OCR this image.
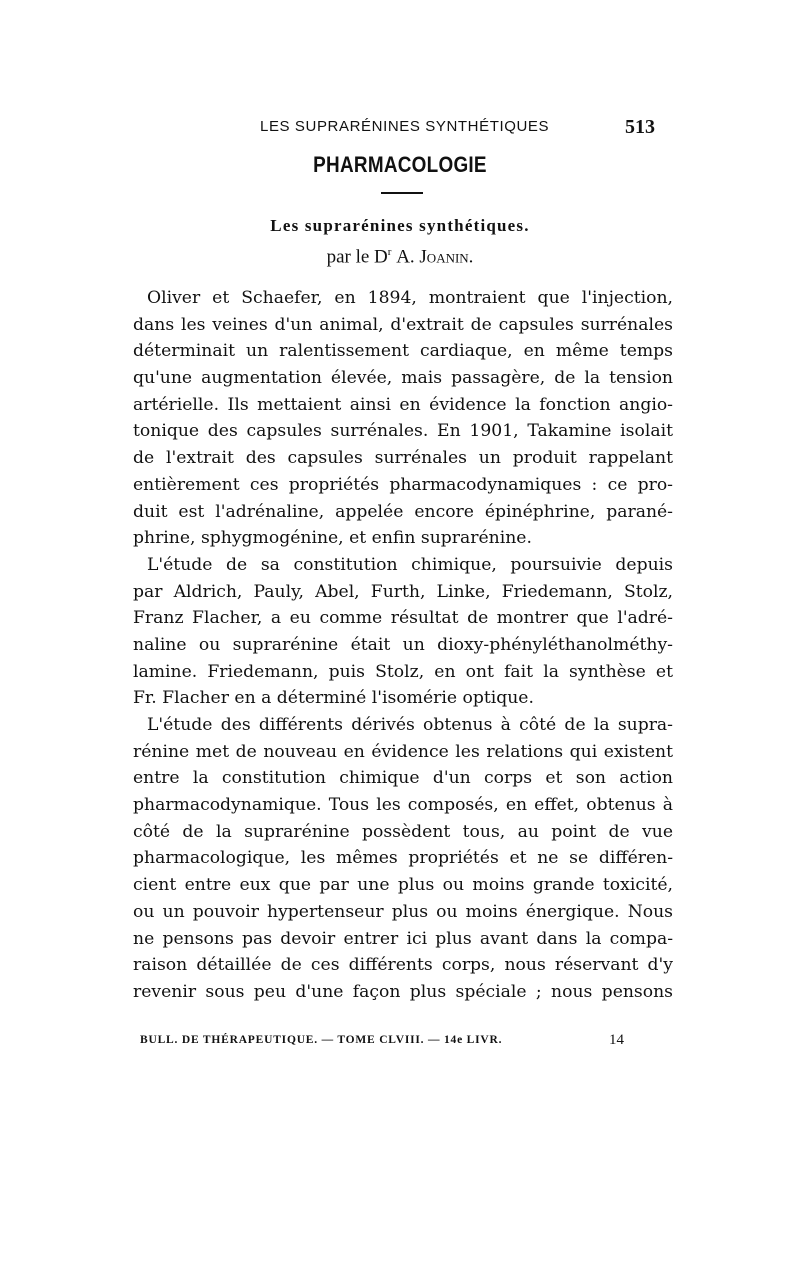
LES SUPRARÉNINES SYNTHÉTIQUES	513
PHARMACOLOGIE
Les suprarénines synthétiques.
par le $D^r$ A. Joanin.
Oliver et Schaefer, en 1894, montraient que l'injection,
dans les veines d'un animal, d'extrait de capsules surrénales
déterminait un ralentissement cardiaque, en même temps
qu'une augmentation élevée, mais passagère, de la tension
artérielle. Ils mettaient ainsi en évidence la fonction angio-
tonique des capsules surrénales. En 1901, Takamine isolait
de l'extrait des capsules surrénales un produit rappelant
entièrement ces propriétés pharmacodynamiques : ce pro-
duit est l'adrénaline, appelée encore épinéphrine, parané-
phrine, sphygmogénine, et enfin suprarénine.
L'étude de sa constitution chimique, poursuivie depuis
par Aldrich, Pauly, Abel, Furth, Linke, Friedemann, Stolz,
Franz Flacher, a eu comme résultat de montrer que l'adré-
naline ou suprarénine était un dioxy-phényléthanolméthy-
lamine. Friedemann, puis Stolz, en ont fait la synthèse et
Fr. Flacher en a déterminé l'isomérie optique.
L'étude des différents dérivés obtenus à côté de la supra-
rénine met de nouveau en évidence les relations qui existent
entre la constitution chimique d'un corps et son action
pharmacodynamique. Tous les composés, en effet, obtenus à
côté de la suprarénine possèdent tous, au point de vue
pharmacologique, les mêmes propriétés et ne se différen-
cient entre eux que par une plus ou moins grande toxicité,
ou un pouvoir hypertenseur plus ou moins énergique. Nous
ne pensons pas devoir entrer ici plus avant dans la compa-
raison détaillée de ces différents corps, nous réservant d'y
revenir sous peu d'une façon plus spéciale ; nous pensons
BULL. DE THÉRAPEUTIQUE. — TOME CLVIII. — 14e LIVR.	14
